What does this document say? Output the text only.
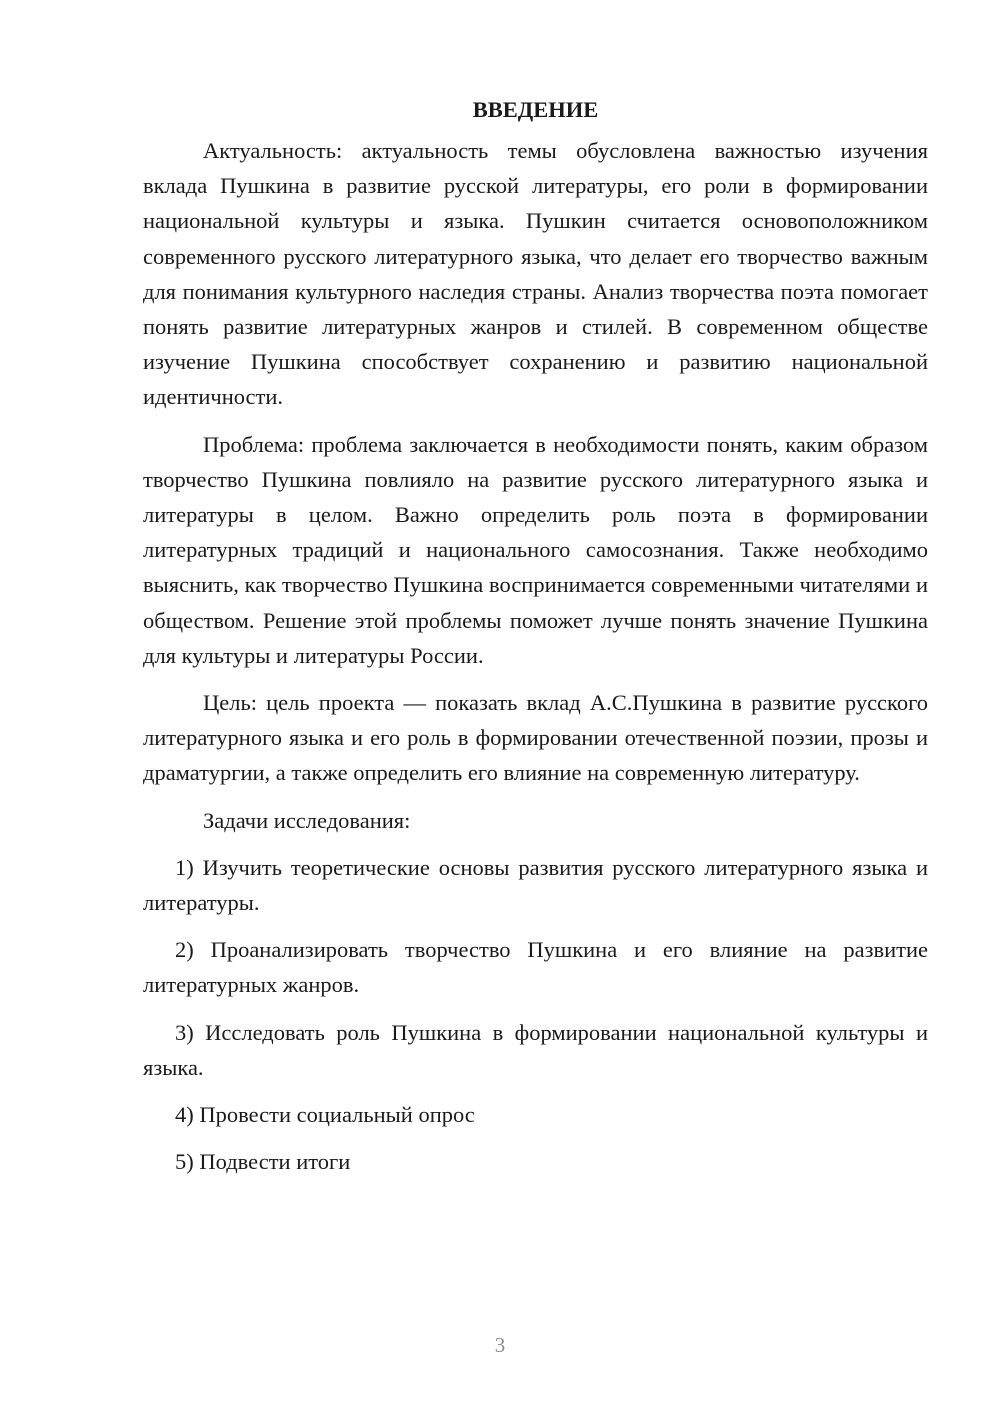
ВВЕДЕНИЕ

Актуальность: актуальность темы обусловлена важностью изучения вклада Пушкина в развитие русской литературы, его роли в формировании национальной культуры и языка. Пушкин считается основоположником современного русского литературного языка, что делает его творчество важным для понимания культурного наследия страны. Анализ творчества поэта помогает понять развитие литературных жанров и стилей. В современном обществе изучение Пушкина способствует сохранению и развитию национальной идентичности.

Проблема: проблема заключается в необходимости понять, каким образом творчество Пушкина повлияло на развитие русского литературного языка и литературы в целом. Важно определить роль поэта в формировании литературных традиций и национального самосознания. Также необходимо выяснить, как творчество Пушкина воспринимается современными читателями и обществом. Решение этой проблемы поможет лучше понять значение Пушкина для культуры и литературы России.

Цель: цель проекта — показать вклад А.С.Пушкина в развитие русского литературного языка и его роль в формировании отечественной поэзии, прозы и драматургии, а также определить его влияние на современную литературу.

Задачи исследования:

1) Изучить теоретические основы развития русского литературного языка и литературы.

2) Проанализировать творчество Пушкина и его влияние на развитие литературных жанров.

3) Исследовать роль Пушкина в формировании национальной культуры и языка.

4) Провести социальный опрос

5) Подвести итоги

3
